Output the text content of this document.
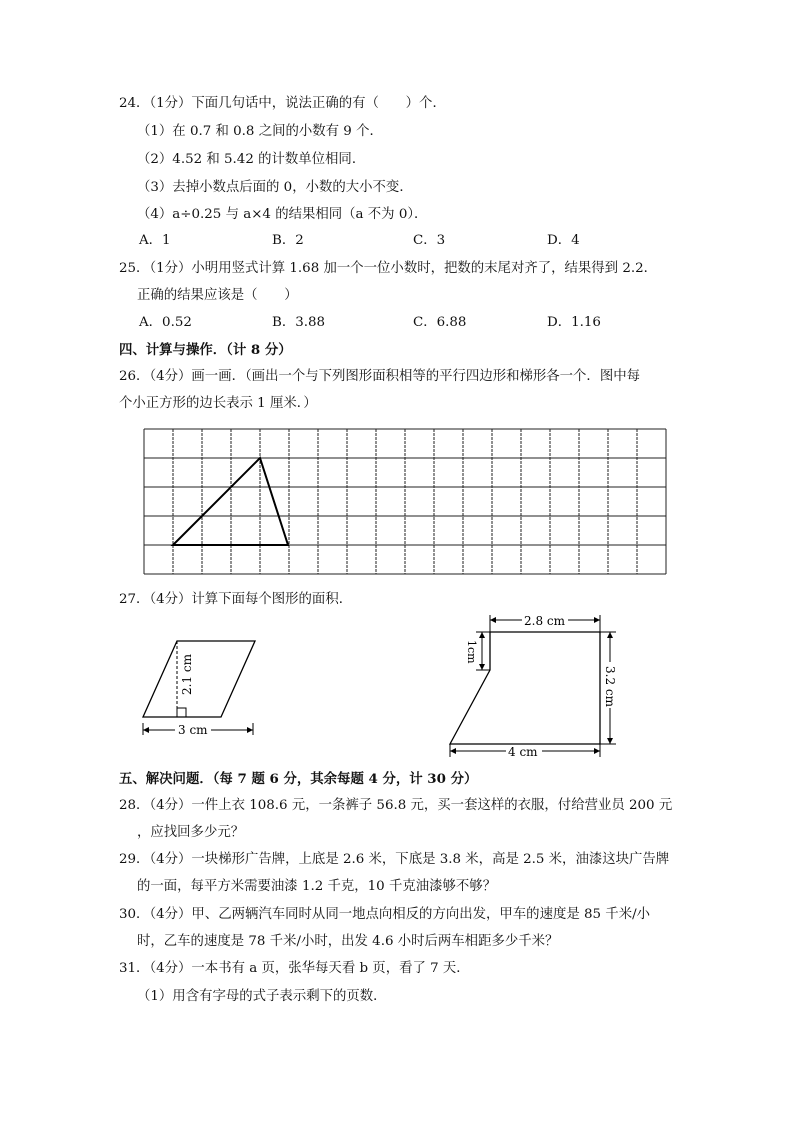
24．（1分）下面几句话中，说法正确的有（　　）个．
（1）在 0.7 和 0.8 之间的小数有 9 个．
（2）4.52 和 5.42 的计数单位相同．
（3）去掉小数点后面的 0，小数的大小不变．
（4）a÷0.25 与 a×4 的结果相同（a 不为 0）．
A．1	B．2	C．3	D．4
25．（1分）小明用竖式计算 1.68 加一个一位小数时，把数的末尾对齐了，结果得到 2.2．
正确的结果应该是（　　）
A．0.52	B．3.88	C．6.88	D．1.16
四、计算与操作．（计 8 分）
26．（4分）画一画．（画出一个与下列图形面积相等的平行四边形和梯形各一个．图中每
个小正方形的边长表示 1 厘米．）
27．（4分）计算下面每个图形的面积．
2.1 cm
3 cm
2.8 cm
1cm
3.2 cm
4 cm
五、解决问题．（每 7 题 6 分，其余每题 4 分，计 30 分）
28．（4分）一件上衣 108.6 元，一条裤子 56.8 元，买一套这样的衣服，付给营业员 200 元
，应找回多少元？
29．（4分）一块梯形广告牌，上底是 2.6 米，下底是 3.8 米，高是 2.5 米，油漆这块广告牌
的一面，每平方米需要油漆 1.2 千克，10 千克油漆够不够？
30．（4分）甲、乙两辆汽车同时从同一地点向相反的方向出发，甲车的速度是 85 千米/小
时，乙车的速度是 78 千米/小时，出发 4.6 小时后两车相距多少千米？
31．（4分）一本书有 a 页，张华每天看 b 页，看了 7 天．
（1）用含有字母的式子表示剩下的页数．
